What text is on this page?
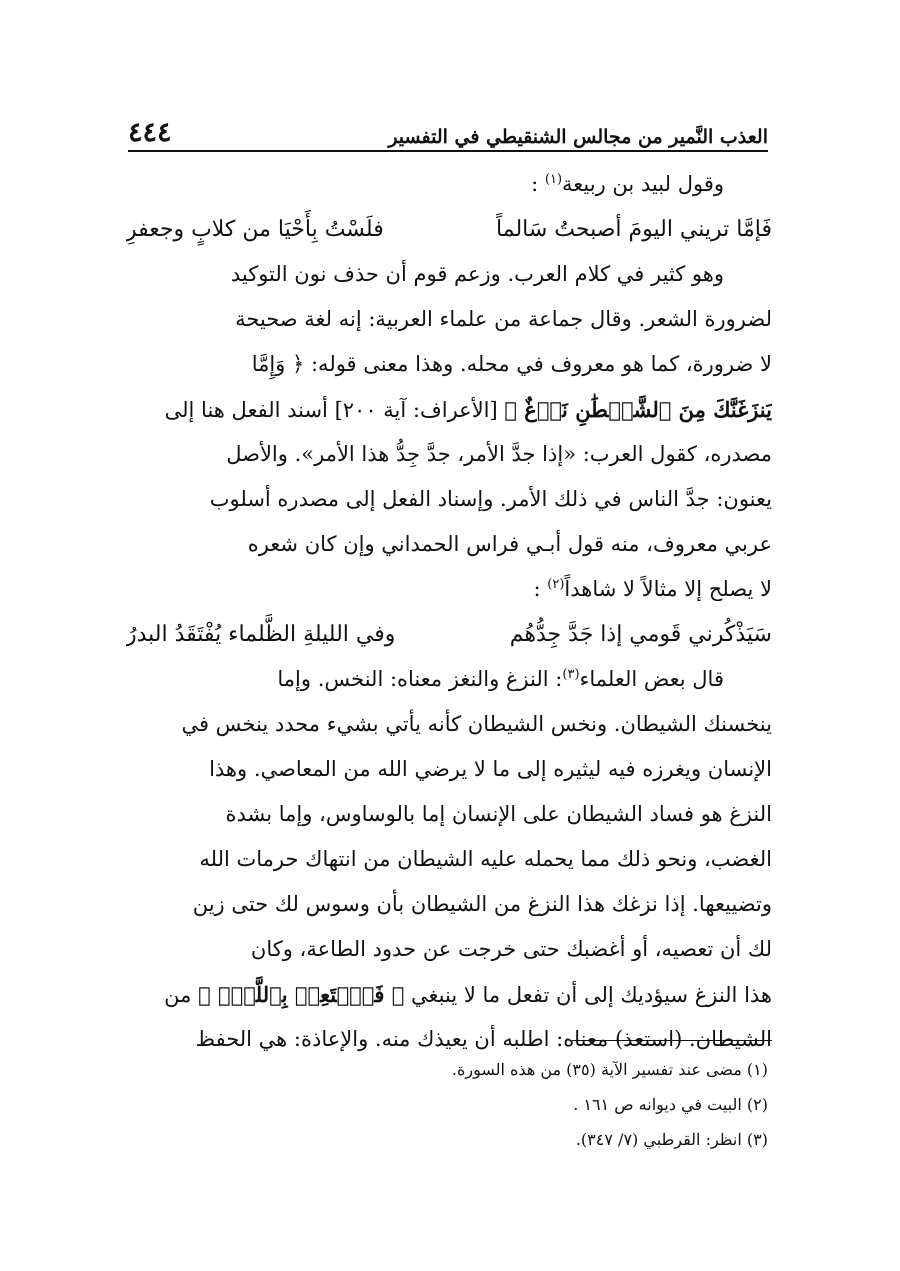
العذب النَّمير من مجالس الشنقيطي في التفسير
٤٤٤
وقول لبيد بن ربيعة$^{(١)}$ :
فَإمَّا تريني اليومَ أصبحتُ سَالماً
فلَسْتُ بِأَحْيَا من كلابٍ وجعفرِ
وهو كثير في كلام العرب. وزعم قوم أن حذف نون التوكيد
لضرورة الشعر. وقال جماعة من علماء العربية: إنه لغة صحيحة
لا ضرورة، كما هو معروف في محله. وهذا معنى قوله: ﴿ وَإِمَّا
يَنزَغَنَّكَ مِنَ ٱلشَّيۡطَٰنِ نَزۡغٌ ﴾ [الأعراف: آية ٢٠٠] أسند الفعل هنا إلى
مصدره، كقول العرب: «إذا جدَّ الأمر، جدَّ جِدُّ هذا الأمر». والأصل
يعنون: جدَّ الناس في ذلك الأمر. وإسناد الفعل إلى مصدره أسلوب
عربي معروف، منه قول أبـي فراس الحمداني وإن كان شعره
لا يصلح إلا مثالاً لا شاهداً$^{(٢)}$ :
سَيَذْكُرني قَومي إذا جَدَّ جِدُّهُم
وفي الليلةِ الظَّلماء يُفْتَقَدُ البدرُ
قال بعض العلماء$^{(٣)}$: النزغ والنغز معناه: النخس. وإما
ينخسنك الشيطان. ونخس الشيطان كأنه يأتي بشيء محدد ينخس في
الإنسان ويغرزه فيه ليثيره إلى ما لا يرضي الله من المعاصي. وهذا
النزغ هو فساد الشيطان على الإنسان إما بالوساوس، وإما بشدة
الغضب، ونحو ذلك مما يحمله عليه الشيطان من انتهاك حرمات الله
وتضييعها. إذا نزغك هذا النزغ من الشيطان بأن وسوس لك حتى زين
لك أن تعصيه، أو أغضبك حتى خرجت عن حدود الطاعة، وكان
هذا النزغ سيؤديك إلى أن تفعل ما لا ينبغي ﴿ فَٱسۡتَعِذۡ بِٱللَّهِۚ ﴾ من
الشيطان. (استعذ) معناه: اطلبه أن يعيذك منه. والإعاذة: هي الحفظ
(١) مضى عند تفسير الآية (٣٥) من هذه السورة.
(٢) البيت في ديوانه ص ١٦١ .
(٣) انظر: القرطبي (٧/ ٣٤٧).
